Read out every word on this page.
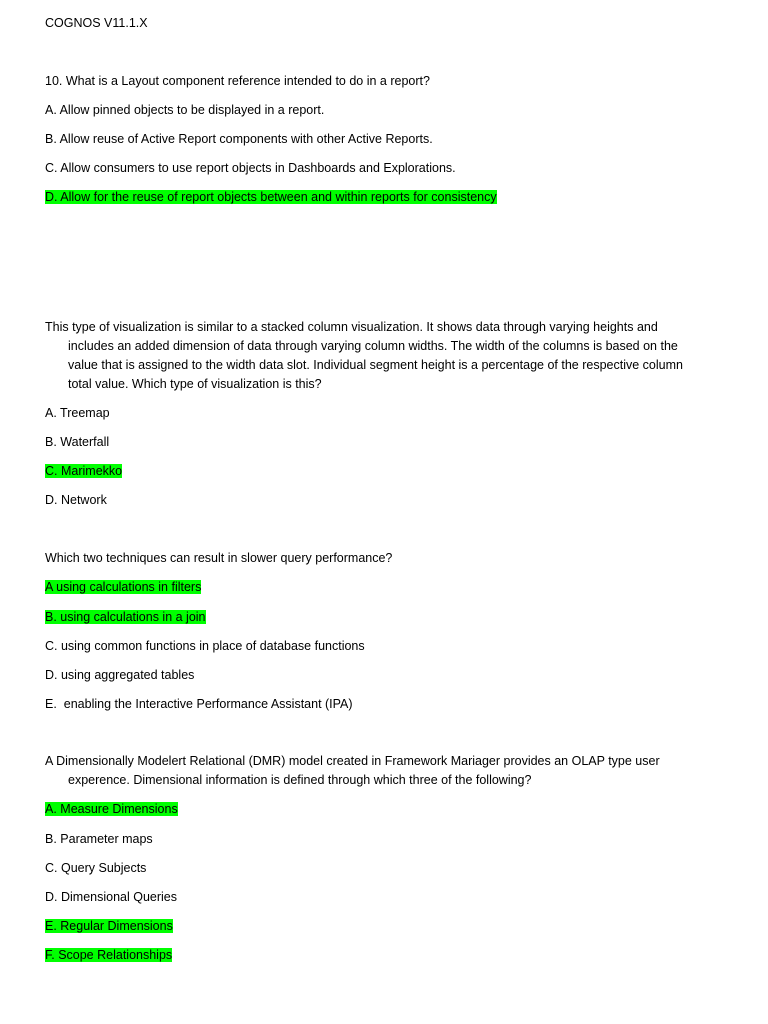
COGNOS V11.1.X
10. What is a Layout component reference intended to do in a report?
A. Allow pinned objects to be displayed in a report.
B. Allow reuse of Active Report components with other Active Reports.
C. Allow consumers to use report objects in Dashboards and Explorations.
D. Allow for the reuse of report objects between and within reports for consistency
This type of visualization is similar to a stacked column visualization. It shows data through varying heights and includes an added dimension of data through varying column widths. The width of the columns is based on the value that is assigned to the width data slot. Individual segment height is a percentage of the respective column total value. Which type of visualization is this?
A. Treemap
B. Waterfall
C. Marimekko
D. Network
Which two techniques can result in slower query performance?
A using calculations in filters
B. using calculations in a join
C. using common functions in place of database functions
D. using aggregated tables
E.  enabling the Interactive Performance Assistant (IPA)
A Dimensionally Modelert Relational (DMR) model created in Framework Mariager provides an OLAP type user experence. Dimensional information is defined through which three of the following?
A. Measure Dimensions
B. Parameter maps
C. Query Subjects
D. Dimensional Queries
E. Regular Dimensions
F. Scope Relationships
